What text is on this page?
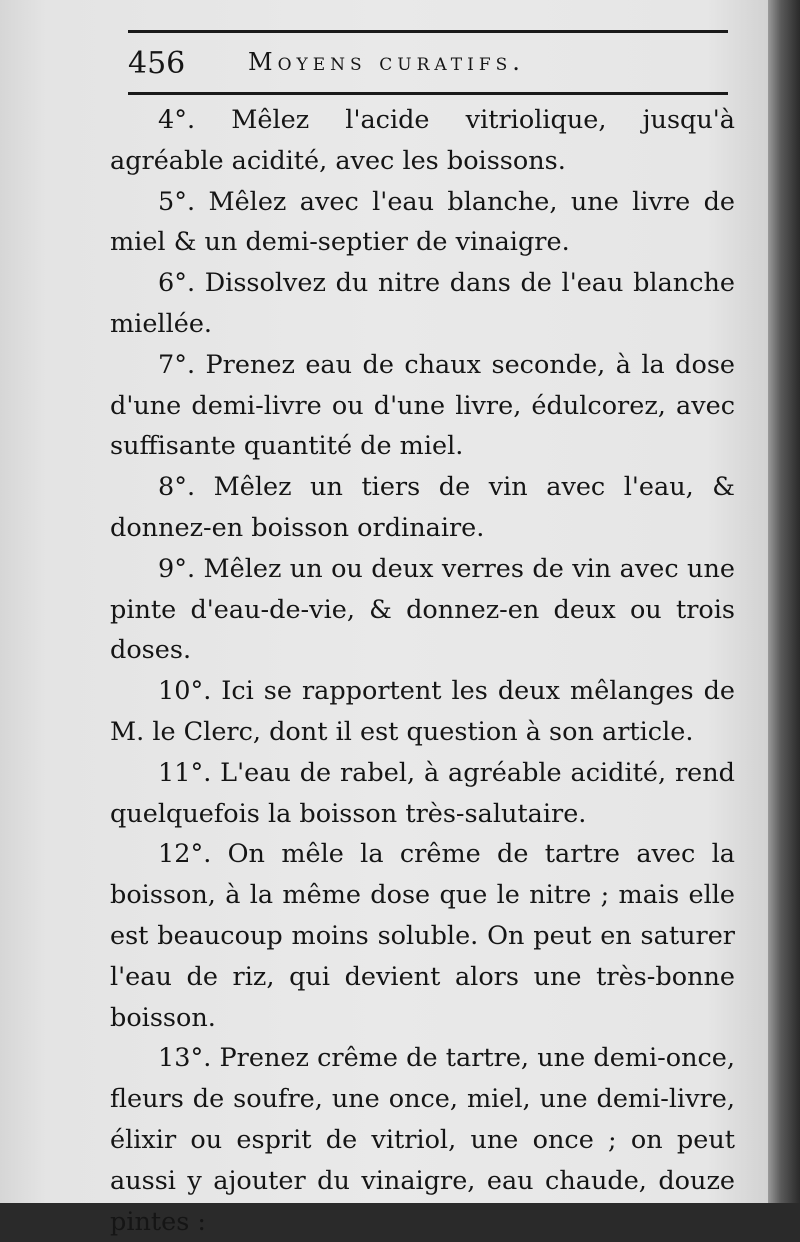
456	Moyens curatifs.

4°. Mêlez l'acide vitriolique, jusqu'à agréable acidité, avec les boissons.

5°. Mêlez avec l'eau blanche, une livre de miel & un demi-septier de vinaigre.

6°. Dissolvez du nitre dans de l'eau blanche miellée.

7°. Prenez eau de chaux seconde, à la dose d'une demi-livre ou d'une livre, édulcorez, avec suffisante quantité de miel.

8°. Mêlez un tiers de vin avec l'eau, & donnez-en boisson ordinaire.

9°. Mêlez un ou deux verres de vin avec une pinte d'eau-de-vie, & donnez-en deux ou trois doses.

10°. Ici se rapportent les deux mêlanges de M. le Clerc, dont il est question à son article.

11°. L'eau de rabel, à agréable acidité, rend quelquefois la boisson très-salutaire.

12°. On mêle la crême de tartre avec la boisson, à la même dose que le nitre ; mais elle est beaucoup moins soluble. On peut en saturer l'eau de riz, qui devient alors une très-bonne boisson.

13°. Prenez crême de tartre, une demi-once, fleurs de soufre, une once, miel, une demi-livre, élixir ou esprit de vitriol, une once ; on peut aussi y ajouter du vinaigre, eau chaude, douze pintes :
